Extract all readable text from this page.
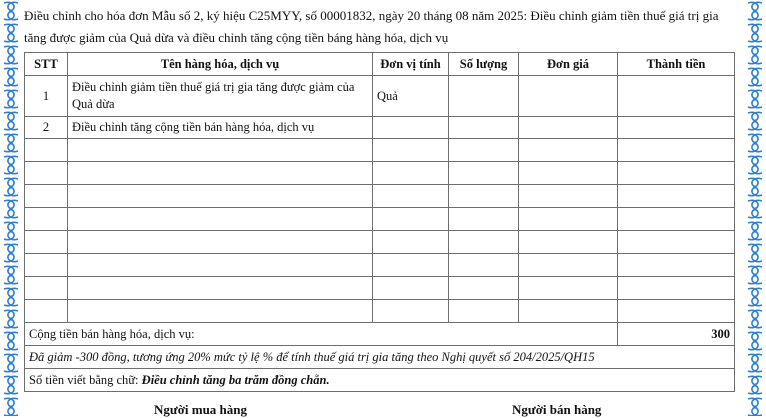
Điều chỉnh cho hóa đơn Mẫu số 2, ký hiệu C25MYY, số 00001832, ngày 20 tháng 08 năm 2025: Điều chỉnh giảm tiền thuế giá trị gia tăng được giảm của Quả dừa và điều chỉnh tăng cộng tiền báng hàng hóa, dịch vụ

STT	Tên hàng hóa, dịch vụ	Đơn vị tính	Số lượng	Đơn giá	Thành tiền
1	Điều chỉnh giảm tiền thuế giá trị gia tăng được giảm của Quả dừa	Quả			
2	Điều chỉnh tăng cộng tiền bán hàng hóa, dịch vụ				

Cộng tiền bán hàng hóa, dịch vụ:					300
Đã giảm -300 đồng, tương ứng 20% mức tỷ lệ % để tính thuế giá trị gia tăng theo Nghị quyết số 204/2025/QH15					
Số tiền viết bằng chữ: Điều chỉnh tăng ba trăm đồng chẵn.					
Người mua hàng	Người bán hàng
